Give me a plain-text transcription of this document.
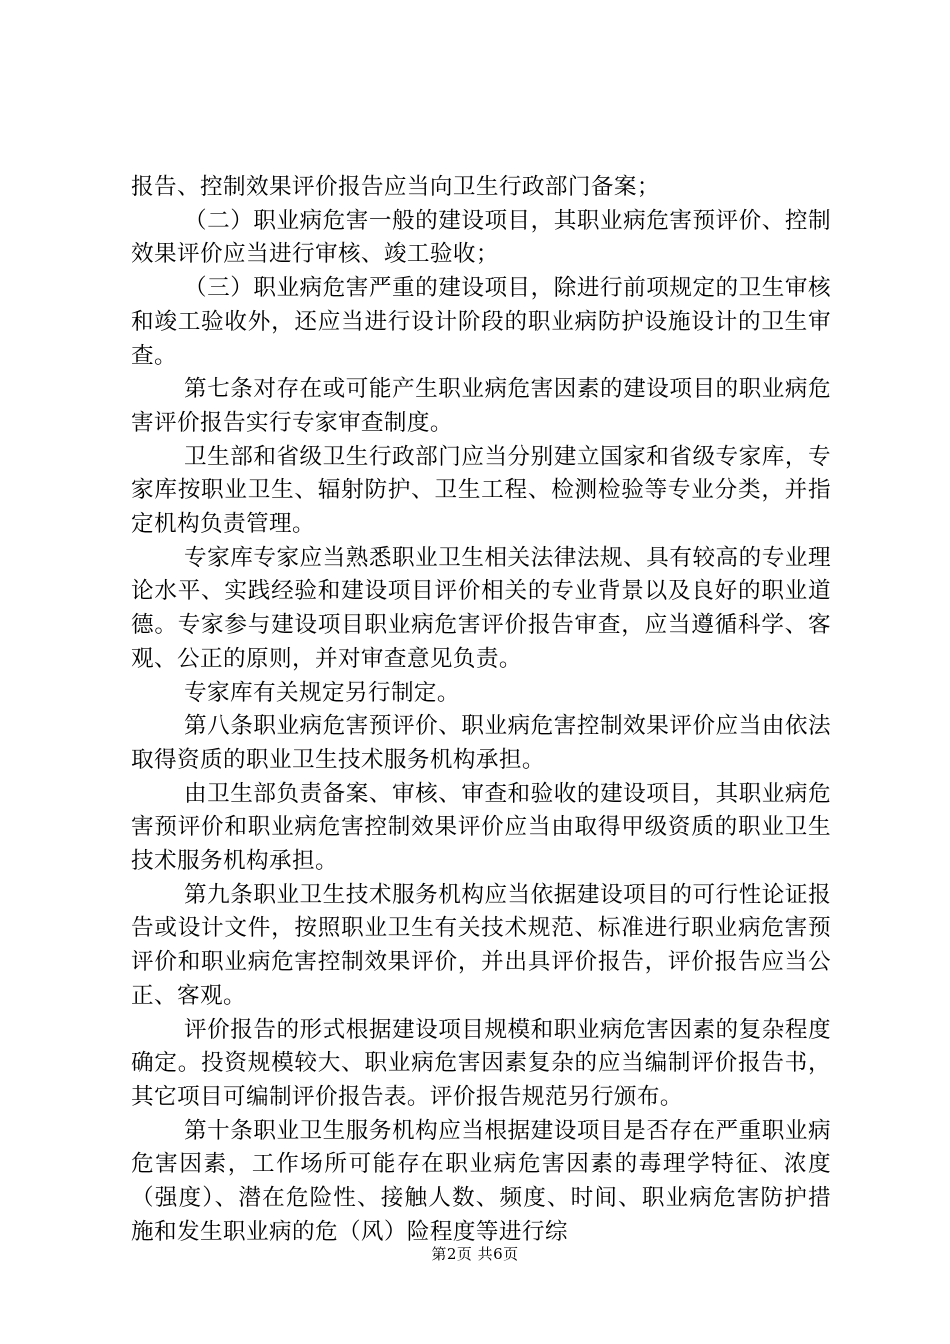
报告、控制效果评价报告应当向卫生行政部门备案；

（二）职业病危害一般的建设项目，其职业病危害预评价、控制效果评价应当进行审核、竣工验收；

（三）职业病危害严重的建设项目，除进行前项规定的卫生审核和竣工验收外，还应当进行设计阶段的职业病防护设施设计的卫生审查。

第七条对存在或可能产生职业病危害因素的建设项目的职业病危害评价报告实行专家审查制度。

卫生部和省级卫生行政部门应当分别建立国家和省级专家库，专家库按职业卫生、辐射防护、卫生工程、检测检验等专业分类，并指定机构负责管理。

专家库专家应当熟悉职业卫生相关法律法规、具有较高的专业理论水平、实践经验和建设项目评价相关的专业背景以及良好的职业道德。专家参与建设项目职业病危害评价报告审查，应当遵循科学、客观、公正的原则，并对审查意见负责。

专家库有关规定另行制定。

第八条职业病危害预评价、职业病危害控制效果评价应当由依法取得资质的职业卫生技术服务机构承担。

由卫生部负责备案、审核、审查和验收的建设项目，其职业病危害预评价和职业病危害控制效果评价应当由取得甲级资质的职业卫生技术服务机构承担。

第九条职业卫生技术服务机构应当依据建设项目的可行性论证报告或设计文件，按照职业卫生有关技术规范、标准进行职业病危害预评价和职业病危害控制效果评价，并出具评价报告，评价报告应当公正、客观。

评价报告的形式根据建设项目规模和职业病危害因素的复杂程度确定。投资规模较大、职业病危害因素复杂的应当编制评价报告书，其它项目可编制评价报告表。评价报告规范另行颁布。

第十条职业卫生服务机构应当根据建设项目是否存在严重职业病危害因素，工作场所可能存在职业病危害因素的毒理学特征、浓度（强度）、潜在危险性、接触人数、频度、时间、职业病危害防护措施和发生职业病的危（风）险程度等进行综

第2页 共6页
